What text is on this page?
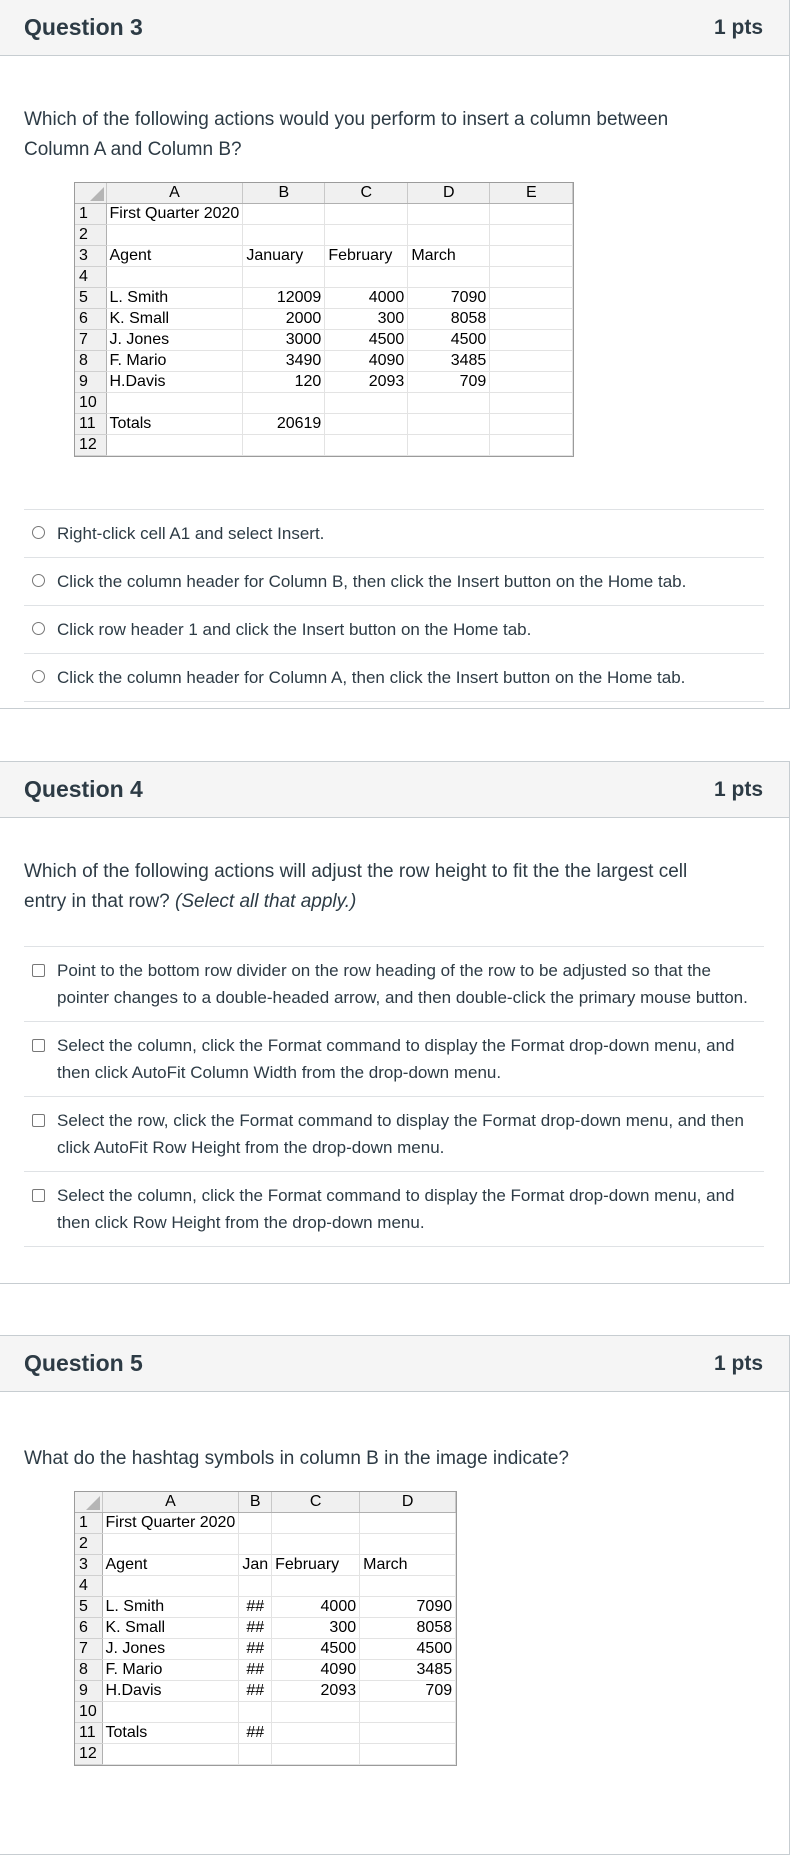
Question 3	1 pts
Which of the following actions would you perform to insert a column between Column A and Column B?
	A	B	C	D	E
1	First Quarter 2020				
2					
3	Agent	January	February	March	
4					
5	L. Smith	12009	4000	7090	
6	K. Small	2000	300	8058	
7	J. Jones	3000	4500	4500	
8	F. Mario	3490	4090	3485	
9	H.Davis	120	2093	709	
10					
11	Totals	20619			
12					
Right-click cell A1 and select Insert.
Click the column header for Column B, then click the Insert button on the Home tab.
Click row header 1 and click the Insert button on the Home tab.
Click the column header for Column A, then click the Insert button on the Home tab.
Question 4	1 pts
Which of the following actions will adjust the row height to fit the the largest cell entry in that row? (Select all that apply.)
Point to the bottom row divider on the row heading of the row to be adjusted so that the pointer changes to a double-headed arrow, and then double-click the primary mouse button.
Select the column, click the Format command to display the Format drop-down menu, and then click AutoFit Column Width from the drop-down menu.
Select the row, click the Format command to display the Format drop-down menu, and then click AutoFit Row Height from the drop-down menu.
Select the column, click the Format command to display the Format drop-down menu, and then click Row Height from the drop-down menu.
Question 5	1 pts
What do the hashtag symbols in column B in the image indicate?
	A	B	C	D
1	First Quarter 2020			
2				
3	Agent	Jan	February	March
4				
5	L. Smith	##	4000	7090
6	K. Small	##	300	8058
7	J. Jones	##	4500	4500
8	F. Mario	##	4090	3485
9	H.Davis	##	2093	709
10				
11	Totals	##		
12				
